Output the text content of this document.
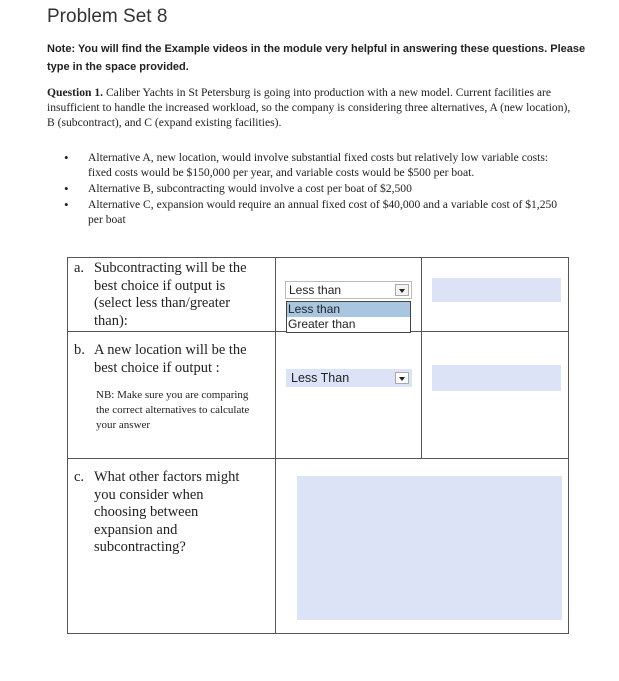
Problem Set 8
Note: You will find the Example videos in the module very helpful in answering these questions. Please type in the space provided.
Question 1. Caliber Yachts in St Petersburg is going into production with a new model. Current facilities are insufficient to handle the increased workload, so the company is considering three alternatives, A (new location), B (subcontract), and C (expand existing facilities).
• Alternative A, new location, would involve substantial fixed costs but relatively low variable costs: fixed costs would be $150,000 per year, and variable costs would be $500 per boat.
• Alternative B, subcontracting would involve a cost per boat of $2,500
• Alternative C, expansion would require an annual fixed cost of $40,000 and a variable cost of $1,250 per boat
a. Subcontracting will be the best choice if output is (select less than/greater than):
Less than
Less than
Greater than
b. A new location will be the best choice if output :
NB: Make sure you are comparing the correct alternatives to calculate your answer
Less Than
c. What other factors might you consider when choosing between expansion and subcontracting?
